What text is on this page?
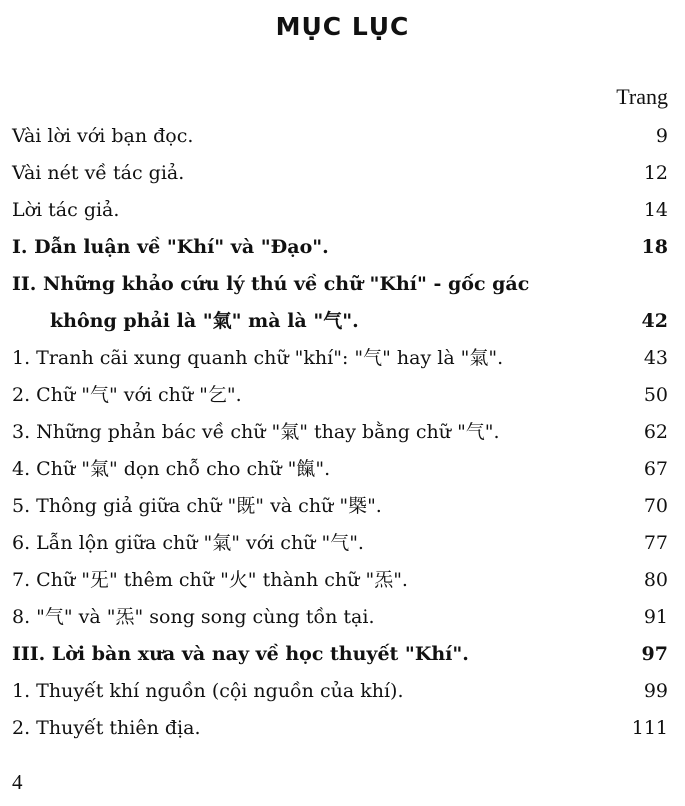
MỤC LỤC
Trang
Vài lời với bạn đọc.	9
Vài nét về tác giả.	12
Lời tác giả.	14
I. Dẫn luận về "Khí" và "Đạo".	18
II. Những khảo cứu lý thú về chữ "Khí" - gốc gác
không phải là "氣" mà là "气".	42
1. Tranh cãi xung quanh chữ "khí": "气" hay là "氣".	43
2. Chữ "气" với chữ "乞".	50
3. Những phản bác về chữ "氣" thay bằng chữ "气".	62
4. Chữ "氣" dọn chỗ cho chữ "餼".	67
5. Thông giả giữa chữ "既" và chữ "槩".	70
6. Lẫn lộn giữa chữ "氣" với chữ "气".	77
7. Chữ "旡" thêm chữ "火" thành chữ "炁".	80
8. "气" và "炁" song song cùng tồn tại.	91
III. Lời bàn xưa và nay về học thuyết "Khí".	97
1. Thuyết khí nguồn (cội nguồn của khí).	99
2. Thuyết thiên địa.	111
4
